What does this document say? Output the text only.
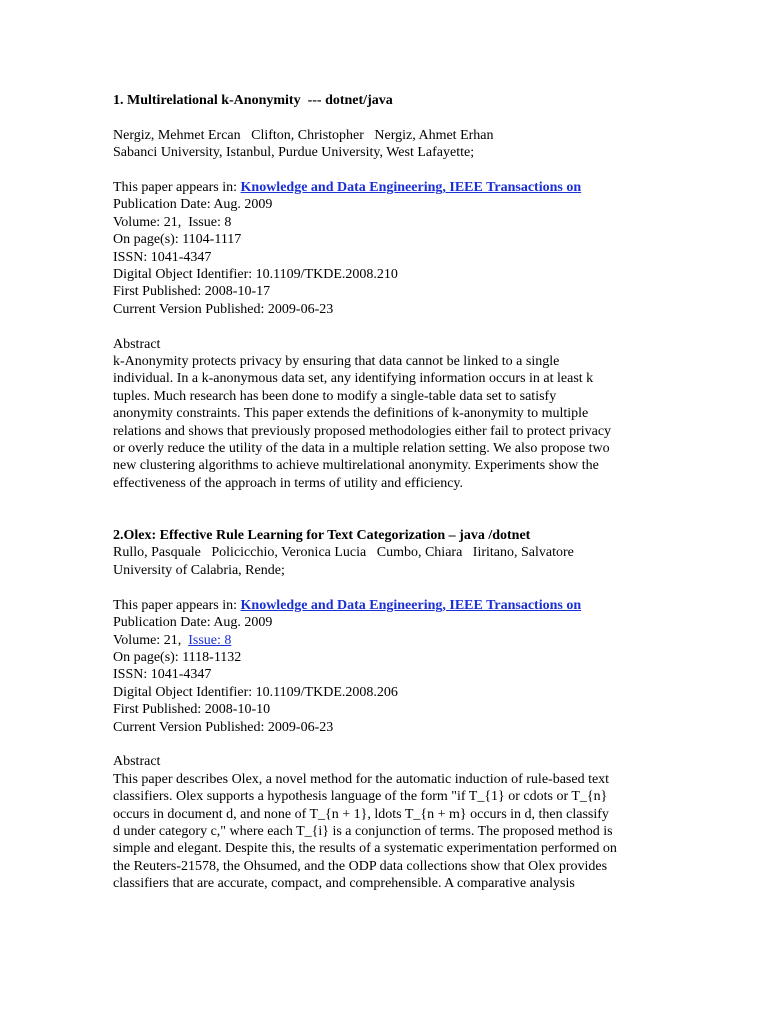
1. Multirelational k-Anonymity  --- dotnet/java
Nergiz, Mehmet Ercan   Clifton, Christopher   Nergiz, Ahmet Erhan
Sabanci University, Istanbul, Purdue University, West Lafayette;
This paper appears in: Knowledge and Data Engineering, IEEE Transactions on
Publication Date: Aug. 2009
Volume: 21,  Issue: 8
On page(s): 1104-1117
ISSN: 1041-4347
Digital Object Identifier: 10.1109/TKDE.2008.210
First Published: 2008-10-17
Current Version Published: 2009-06-23
Abstract
k-Anonymity protects privacy by ensuring that data cannot be linked to a single
individual. In a k-anonymous data set, any identifying information occurs in at least k
tuples. Much research has been done to modify a single-table data set to satisfy
anonymity constraints. This paper extends the definitions of k-anonymity to multiple
relations and shows that previously proposed methodologies either fail to protect privacy
or overly reduce the utility of the data in a multiple relation setting. We also propose two
new clustering algorithms to achieve multirelational anonymity. Experiments show the
effectiveness of the approach in terms of utility and efficiency.
2.Olex: Effective Rule Learning for Text Categorization – java /dotnet
Rullo, Pasquale   Policicchio, Veronica Lucia   Cumbo, Chiara   Iiritano, Salvatore
University of Calabria, Rende;
This paper appears in: Knowledge and Data Engineering, IEEE Transactions on
Publication Date: Aug. 2009
Volume: 21,  Issue: 8
On page(s): 1118-1132
ISSN: 1041-4347
Digital Object Identifier: 10.1109/TKDE.2008.206
First Published: 2008-10-10
Current Version Published: 2009-06-23
Abstract
This paper describes Olex, a novel method for the automatic induction of rule-based text
classifiers. Olex supports a hypothesis language of the form "if T_{1} or cdots or T_{n}
occurs in document d, and none of T_{n + 1}, ldots T_{n + m} occurs in d, then classify
d under category c," where each T_{i} is a conjunction of terms. The proposed method is
simple and elegant. Despite this, the results of a systematic experimentation performed on
the Reuters-21578, the Ohsumed, and the ODP data collections show that Olex provides
classifiers that are accurate, compact, and comprehensible. A comparative analysis
